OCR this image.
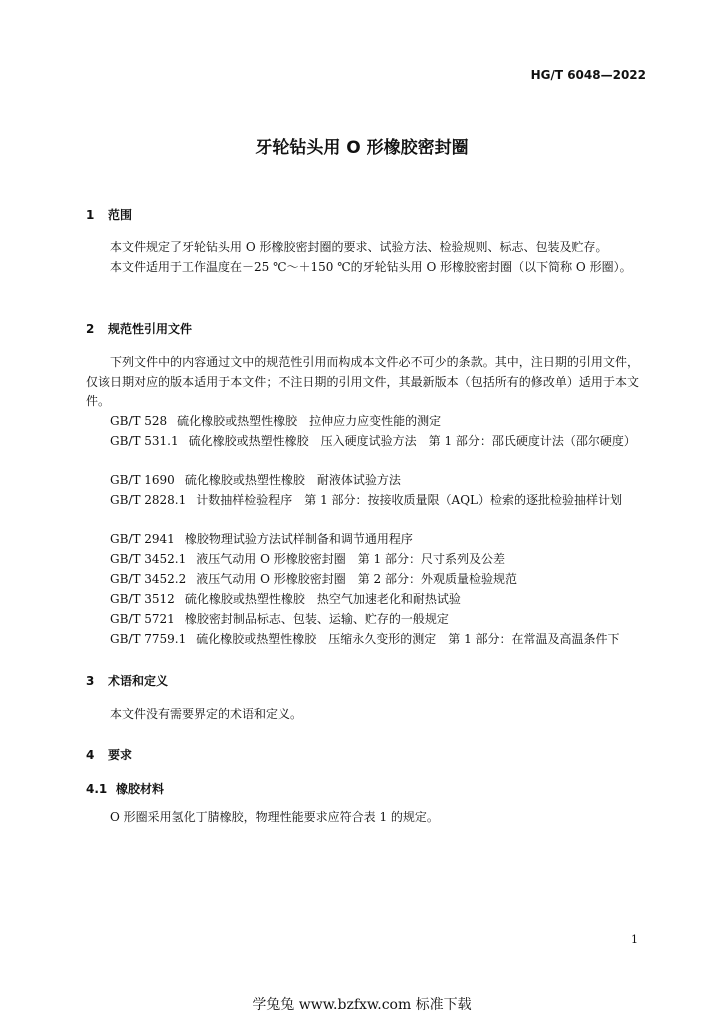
HG/T 6048—2022
牙轮钻头用 O 形橡胶密封圈
1 范围

本文件规定了牙轮钻头用 O 形橡胶密封圈的要求、试验方法、检验规则、标志、包装及贮存。

本文件适用于工作温度在－25 ℃～＋150 ℃的牙轮钻头用 O 形橡胶密封圈（以下简称 O 形圈）。

2 规范性引用文件

下列文件中的内容通过文中的规范性引用而构成本文件必不可少的条款。其中，注日期的引用文件，仅该日期对应的版本适用于本文件；不注日期的引用文件，其最新版本（包括所有的修改单）适用于本文件。

GB/T 528 硫化橡胶或热塑性橡胶　拉伸应力应变性能的测定

GB/T 531.1 硫化橡胶或热塑性橡胶　压入硬度试验方法　第 1 部分：邵氏硬度计法（邵尔硬度）

GB/T 1690 硫化橡胶或热塑性橡胶　耐液体试验方法

GB/T 2828.1 计数抽样检验程序　第 1 部分：按接收质量限（AQL）检索的逐批检验抽样计划

GB/T 2941 橡胶物理试验方法试样制备和调节通用程序

GB/T 3452.1 液压气动用 O 形橡胶密封圈　第 1 部分：尺寸系列及公差

GB/T 3452.2 液压气动用 O 形橡胶密封圈　第 2 部分：外观质量检验规范

GB/T 3512 硫化橡胶或热塑性橡胶　热空气加速老化和耐热试验

GB/T 5721 橡胶密封制品标志、包装、运输、贮存的一般规定

GB/T 7759.1 硫化橡胶或热塑性橡胶　压缩永久变形的测定　第 1 部分：在常温及高温条件下

3 术语和定义

本文件没有需要界定的术语和定义。

4 要求
4.1 橡胶材料

O 形圈采用氢化丁腈橡胶，物理性能要求应符合表 1 的规定。

1
学兔兔 www.bzfxw.com 标准下载
